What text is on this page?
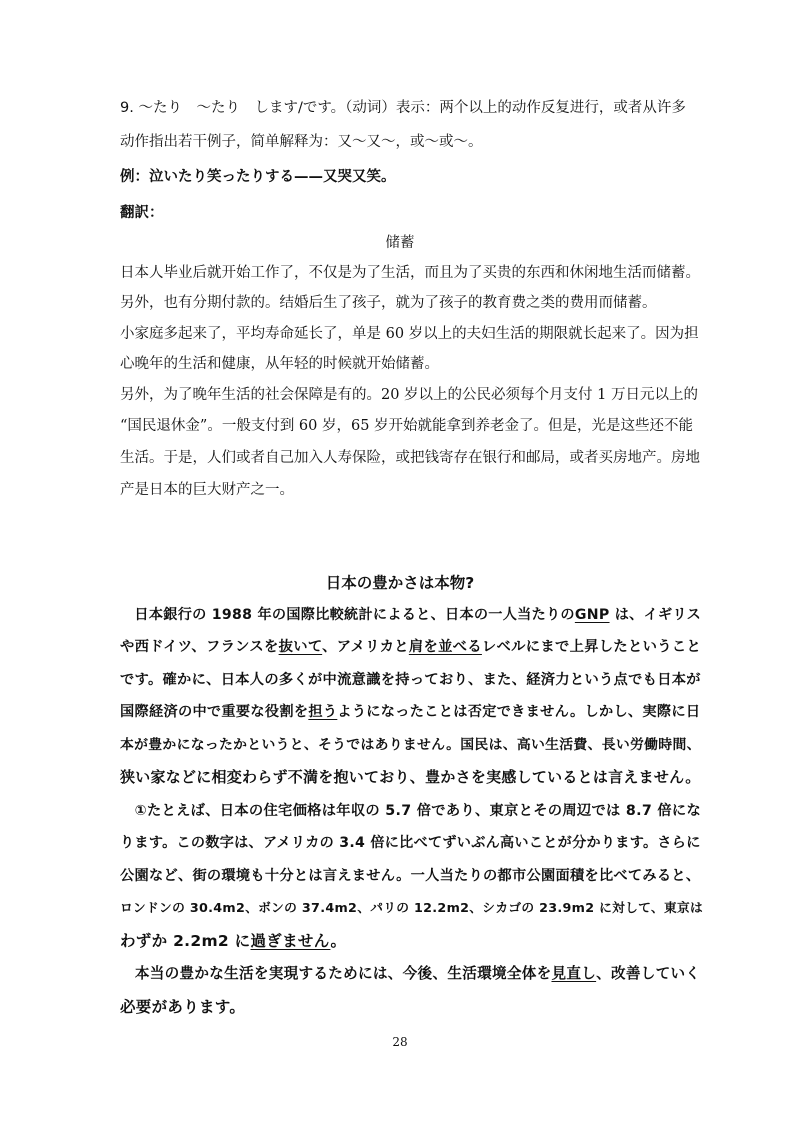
9. ～たり　～たり　します/です。（动词）表示：两个以上的动作反复进行，或者从许多
动作指出若干例子，简单解释为：又～又～，或～或～。
例：泣いたり笑ったりする——又哭又笑。
翻訳：
储蓄
日本人毕业后就开始工作了，不仅是为了生活，而且为了买贵的东西和休闲地生活而储蓄。
另外，也有分期付款的。结婚后生了孩子，就为了孩子的教育费之类的费用而储蓄。
小家庭多起来了，平均寿命延长了，单是 60 岁以上的夫妇生活的期限就长起来了。因为担
心晚年的生活和健康，从年轻的时候就开始储蓄。
另外，为了晚年生活的社会保障是有的。20 岁以上的公民必须每个月支付 1 万日元以上的
“国民退休金”。一般支付到 60 岁，65 岁开始就能拿到养老金了。但是，光是这些还不能
生活。于是，人们或者自己加入人寿保险，或把钱寄存在银行和邮局，或者买房地产。房地
产是日本的巨大财产之一。
日本の豊かさは本物?
　日本銀行の 1988 年の国際比較統計によると、日本の一人当たりのGNP は、イギリス
や西ドイツ、フランスを抜いて、アメリカと肩を並べるレベルにまで上昇したということ
です。確かに、日本人の多くが中流意識を持っており、また、経済力という点でも日本が
国際経済の中で重要な役割を担うようになったことは否定できません。しかし、実際に日
本が豊かになったかというと、そうではありません。国民は、高い生活費、長い労働時間、
狭い家などに相変わらず不満を抱いており、豊かさを実感しているとは言えません。
　①たとえば、日本の住宅価格は年収の 5.7 倍であり、東京とその周辺では 8.7 倍にな
ります。この数字は、アメリカの 3.4 倍に比べてずいぶん高いことが分かります。さらに
公園など、街の環境も十分とは言えません。一人当たりの都市公園面積を比べてみると、
ロンドンの 30.4m2、ボンの 37.4m2、パリの 12.2m2、シカゴの 23.9m2 に対して、東京は
わずか 2.2m2 に過ぎません。
　本当の豊かな生活を実現するためには、今後、生活環境全体を見直し、改善していく
必要があります。
28
